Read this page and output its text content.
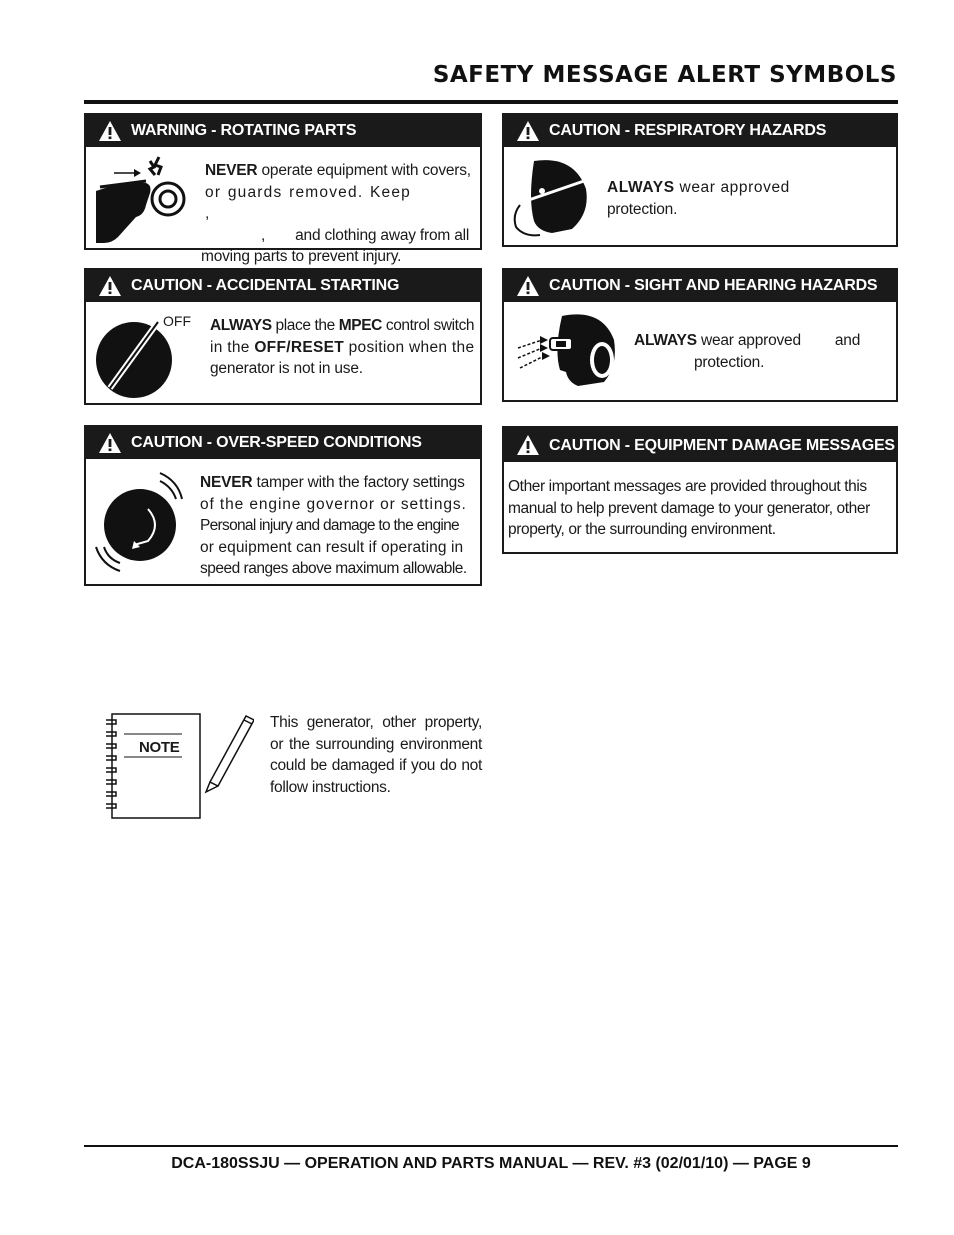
SAFETY MESSAGE ALERT SYMBOLS
WARNING - ROTATING PARTS
NEVER operate equipment with covers,
or guards removed. Keep,
, and clothing away from all
moving parts to prevent injury.
CAUTION - RESPIRATORY HAZARDS
ALWAYS wear approved
protection.
CAUTION - ACCIDENTAL STARTING
OFF ALWAYS place the MPEC control switch
in the OFF/RESET position when the
generator is not in use.
CAUTION - SIGHT AND HEARING HAZARDS
ALWAYS wear approved and
protection.
CAUTION - OVER-SPEED CONDITIONS
NEVER tamper with the factory settings
of the engine governor or settings.
Personal injury and damage to the engine
or equipment can result if operating in
speed ranges above maximum allowable.
CAUTION - EQUIPMENT DAMAGE MESSAGES
Other important messages are provided throughout this
manual to help prevent damage to your generator, other
property, or the surrounding environment.
NOTE
This generator, other property, or the surrounding environment could be damaged if you do not follow instructions.
DCA-180SSJU — OPERATION AND PARTS MANUAL — REV. #3 (02/01/10) — PAGE 9
